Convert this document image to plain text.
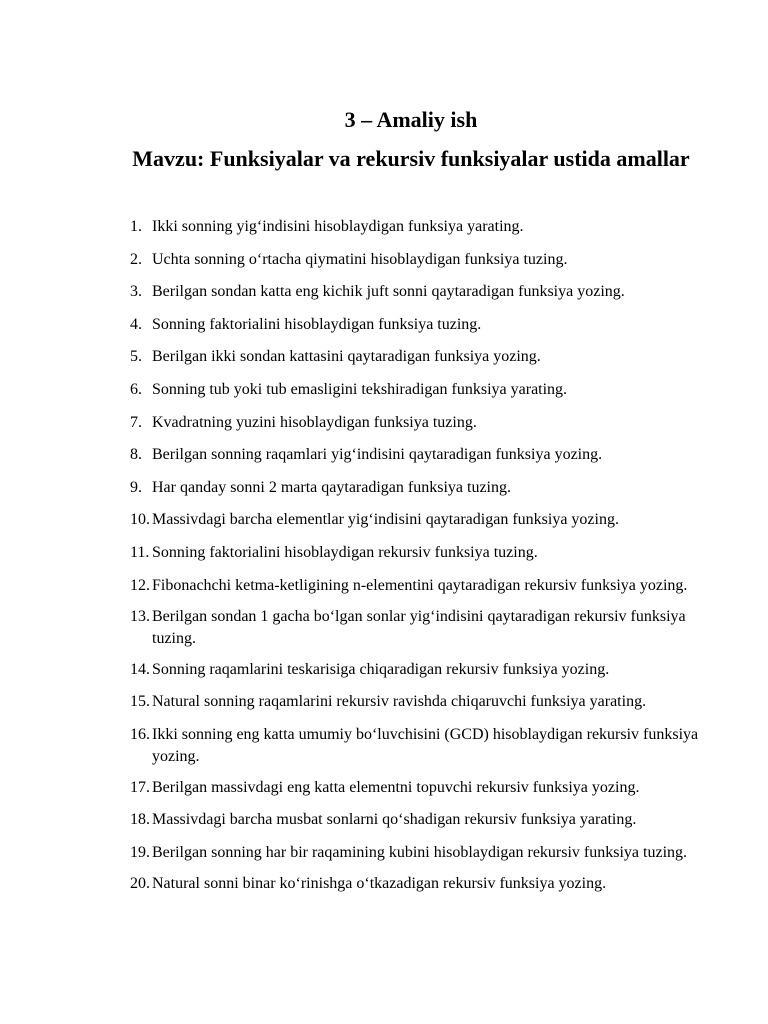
3 – Amaliy ish
Mavzu: Funksiyalar va rekursiv funksiyalar ustida amallar
1. Ikki sonning yig‘indisini hisoblaydigan funksiya yarating.
2. Uchta sonning o‘rtacha qiymatini hisoblaydigan funksiya tuzing.
3. Berilgan sondan katta eng kichik juft sonni qaytaradigan funksiya yozing.
4. Sonning faktorialini hisoblaydigan funksiya tuzing.
5. Berilgan ikki sondan kattasini qaytaradigan funksiya yozing.
6. Sonning tub yoki tub emasligini tekshiradigan funksiya yarating.
7. Kvadratning yuzini hisoblaydigan funksiya tuzing.
8. Berilgan sonning raqamlari yig‘indisini qaytaradigan funksiya yozing.
9. Har qanday sonni 2 marta qaytaradigan funksiya tuzing.
10. Massivdagi barcha elementlar yig‘indisini qaytaradigan funksiya yozing.
11. Sonning faktorialini hisoblaydigan rekursiv funksiya tuzing.
12. Fibonachchi ketma-ketligining n-elementini qaytaradigan rekursiv funksiya yozing.
13. Berilgan sondan 1 gacha bo‘lgan sonlar yig‘indisini qaytaradigan rekursiv funksiya tuzing.
14. Sonning raqamlarini teskarisiga chiqaradigan rekursiv funksiya yozing.
15. Natural sonning raqamlarini rekursiv ravishda chiqaruvchi funksiya yarating.
16. Ikki sonning eng katta umumiy bo‘luvchisini (GCD) hisoblaydigan rekursiv funksiya yozing.
17. Berilgan massivdagi eng katta elementni topuvchi rekursiv funksiya yozing.
18. Massivdagi barcha musbat sonlarni qo‘shadigan rekursiv funksiya yarating.
19. Berilgan sonning har bir raqamining kubini hisoblaydigan rekursiv funksiya tuzing.
20. Natural sonni binar ko‘rinishga o‘tkazadigan rekursiv funksiya yozing.
